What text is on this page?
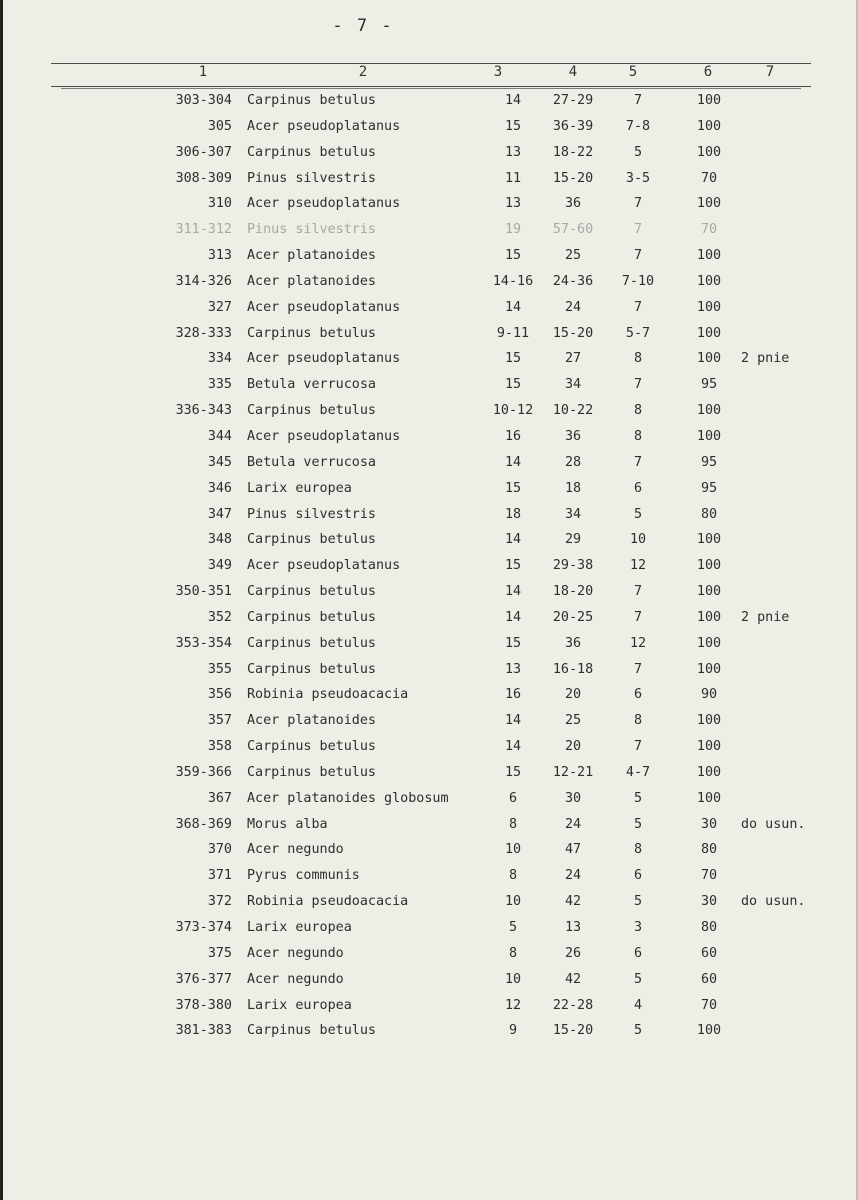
- 7 -
1	2	3	4	5	6	7
303-304 Carpinus betulus	14	27-29	7	100
305 Acer pseudoplatanus	15	36-39	7-8	100
306-307 Carpinus betulus	13	18-22	5	100
308-309 Pinus silvestris	11	15-20	3-5	70
310 Acer pseudoplatanus	13	36	7	100
311-312 Pinus silvestris	19	57-60	7	70
313 Acer platanoides	15	25	7	100
314-326 Acer platanoides	14-16	24-36	7-10	100
327 Acer pseudoplatanus	14	24	7	100
328-333 Carpinus betulus	9-11	15-20	5-7	100
334 Acer pseudoplatanus	15	27	8	100	2 pnie
335 Betula verrucosa	15	34	7	95
336-343 Carpinus betulus	10-12	10-22	8	100
344 Acer pseudoplatanus	16	36	8	100
345 Betula verrucosa	14	28	7	95
346 Larix europea	15	18	6	95
347 Pinus silvestris	18	34	5	80
348 Carpinus betulus	14	29	10	100
349 Acer pseudoplatanus	15	29-38	12	100
350-351 Carpinus betulus	14	18-20	7	100
352 Carpinus betulus	14	20-25	7	100	2 pnie
353-354 Carpinus betulus	15	36	12	100
355 Carpinus betulus	13	16-18	7	100
356 Robinia pseudoacacia	16	20	6	90
357 Acer platanoides	14	25	8	100
358 Carpinus betulus	14	20	7	100
359-366 Carpinus betulus	15	12-21	4-7	100
367 Acer platanoides globosum	6	30	5	100
368-369 Morus alba	8	24	5	30	do usun.
370 Acer negundo	10	47	8	80
371 Pyrus communis	8	24	6	70
372 Robinia pseudoacacia	10	42	5	30	do usun.
373-374 Larix europea	5	13	3	80
375 Acer negundo	8	26	6	60
376-377 Acer negundo	10	42	5	60
378-380 Larix europea	12	22-28	4	70
381-383 Carpinus betulus	9	15-20	5	100
